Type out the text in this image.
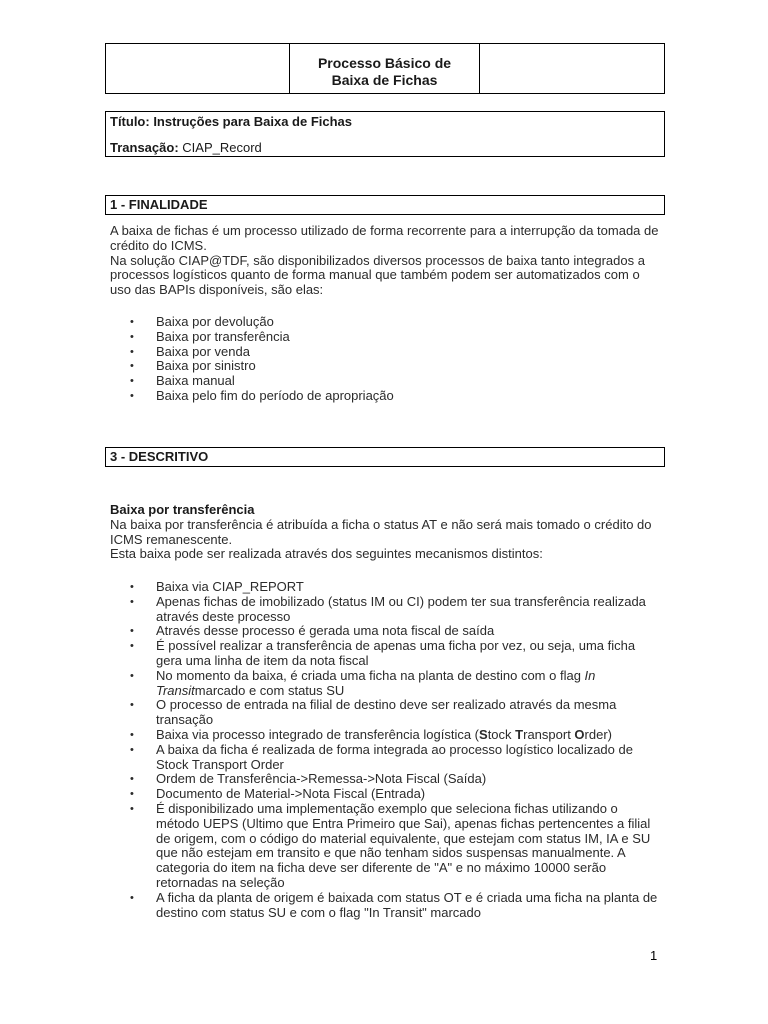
Processo Básico de
Baixa de Fichas
Título: Instruções para Baixa de Fichas
Transação: CIAP_Record
1 - FINALIDADE

A baixa de fichas é um processo utilizado de forma recorrente para a interrupção da tomada de crédito do ICMS.

Na solução CIAP@TDF, são disponibilizados diversos processos de baixa tanto integrados a processos logísticos quanto de forma manual que também podem ser automatizados com o uso das BAPIs disponíveis, são elas:

• Baixa por devolução
• Baixa por transferência
• Baixa por venda
• Baixa por sinistro
• Baixa manual
• Baixa pelo fim do período de apropriação
3 - DESCRITIVO

Baixa por transferência

Na baixa por transferência é atribuída a ficha o status AT e não será mais tomado o crédito do ICMS remanescente.

Esta baixa pode ser realizada através dos seguintes mecanismos distintos:

• Baixa via CIAP_REPORT
• Apenas fichas de imobilizado (status IM ou CI) podem ter sua transferência realizada através deste processo
• Através desse processo é gerada uma nota fiscal de saída
• É possível realizar a transferência de apenas uma ficha por vez, ou seja, uma ficha gera uma linha de item da nota fiscal
• No momento da baixa, é criada uma ficha na planta de destino com o flag In Transitmarcado e com status SU
• O processo de entrada na filial de destino deve ser realizado através da mesma transação
• Baixa via processo integrado de transferência logística (Stock Transport Order)
• A baixa da ficha é realizada de forma integrada ao processo logístico localizado de Stock Transport Order
• Ordem de Transferência->Remessa->Nota Fiscal (Saída)
• Documento de Material->Nota Fiscal (Entrada)
• É disponibilizado uma implementação exemplo que seleciona fichas utilizando o método UEPS (Ultimo que Entra Primeiro que Sai), apenas fichas pertencentes a filial de origem, com o código do material equivalente, que estejam com status IM, IA e SU que não estejam em transito e que não tenham sidos suspensas manualmente. A categoria do item na ficha deve ser diferente de "A" e no máximo 10000 serão retornadas na seleção
• A ficha da planta de origem é baixada com status OT e é criada uma ficha na planta de destino com status SU e com o flag "In Transit" marcado
1
